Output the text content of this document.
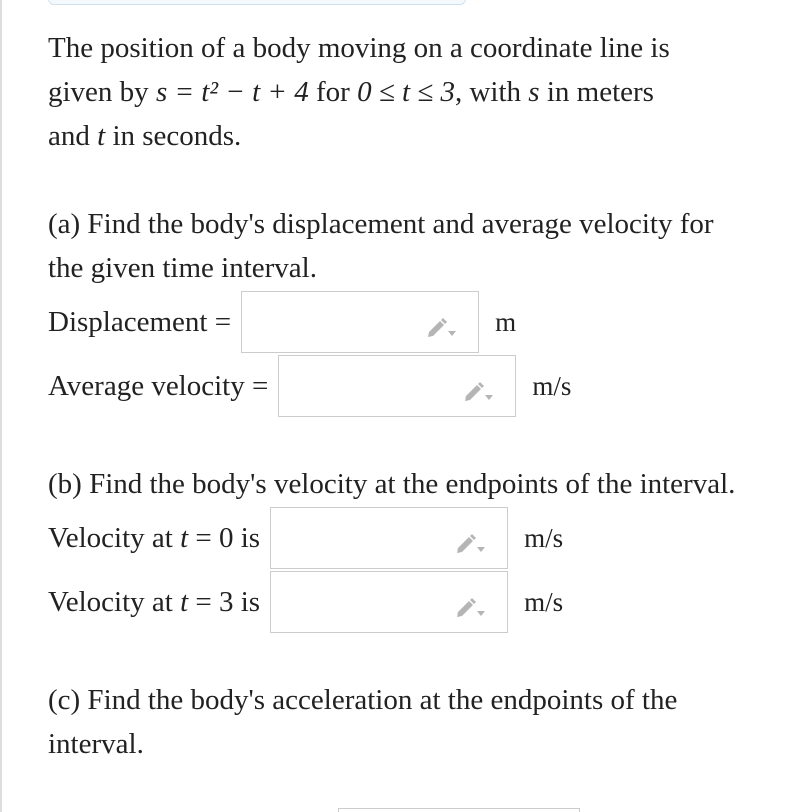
The position of a body moving on a coordinate line is
given by s = t² − t + 4 for 0 ≤ t ≤ 3, with s in meters
and t in seconds.

(a) Find the body's displacement and average velocity for the given time interval.

Displacement =	m
Average velocity =	m/s

(b) Find the body's velocity at the endpoints of the interval.

Velocity at t = 0 is	m/s
Velocity at t = 3 is	m/s

(c) Find the body's acceleration at the endpoints of the interval.
